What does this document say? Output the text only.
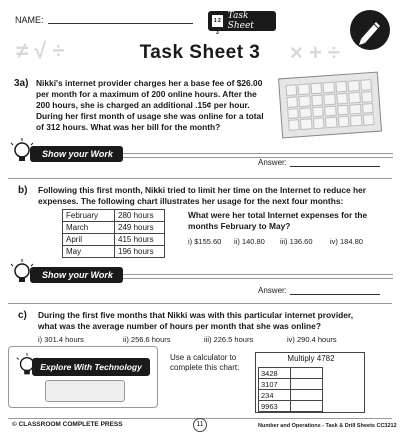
NAME:	1 2 3
Task Sheet
≠ √ ÷	× + ÷
Task Sheet 3
3a) Nikki's internet provider charges her a base fee of $26.00
per month for a maximum of 200 online hours. After the
200 hours, she is charged an additional .15¢ per hour.
During her first month of usage she was online for a total
of 312 hours. What was her bill for the month?
Show your Work
Answer:
b) Following this first month, Nikki tried to limit her time on the Internet to reduce her
expenses. The following chart illustrates her usage for the next four months:
February	280 hours
March	249 hours
April	415 hours
May	196 hours
What were her total Internet expenses for the
months February to May?
i) $155.60 ii) 140.80 iii) 136.60 iv) 184.80
Show your Work
Answer:
c) During the first five months that Nikki was with this particular internet provider,
what was the average number of hours per month that she was online?
i) 301.4 hours	ii) 256.6 hours	iii) 226.5 hours	iv) 290.4 hours
Explore With Technology
Use a calculator to
complete this chart:
Multiply 4782
3428	
3107	
234	
9963	
© CLASSROOM COMPLETE PRESS	11	Number and Operations - Task & Drill Sheets CC3212
